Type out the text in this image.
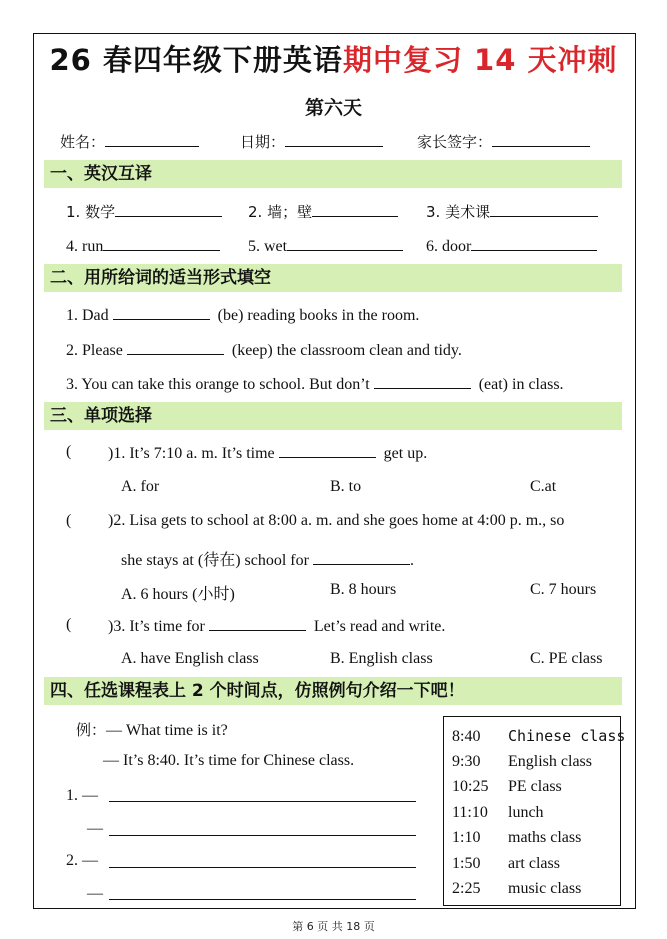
26 春四年级下册英语期中复习 14 天冲刺
第六天
姓名：	日期：	家长签字：
一、英汉互译
1. 数学	2. 墙；壁	3. 美术课
4. run	5. wet	6. door
二、用所给词的适当形式填空
1. Dad	(be) reading books in the room.
2. Please	(keep) the classroom clean and tidy.
3. You can take this orange to school. But don’t	(eat) in class.
三、单项选择
( )1. It’s 7:10 a. m. It’s time	get up.
A. for	B. to	C.at
( )2. Lisa gets to school at 8:00 a. m. and she goes home at 4:00 p. m., so
she stays at (待在) school for	.
A. 6 hours (小时)	B. 8 hours	C. 7 hours
( )3. It’s time for	Let’s read and write.
A. have English class	B. English class	C. PE class
四、任选课程表上 2 个时间点，仿照例句介绍一下吧！
例：— What time is it?
— It’s 8:40. It’s time for Chinese class.
1. —
—
2. —
—
8:40 Chinese class
9:30 English class
10:25 PE class
11:10 lunch
1:10 maths class
1:50 art class
2:25 music class
第 6 页 共 18 页
